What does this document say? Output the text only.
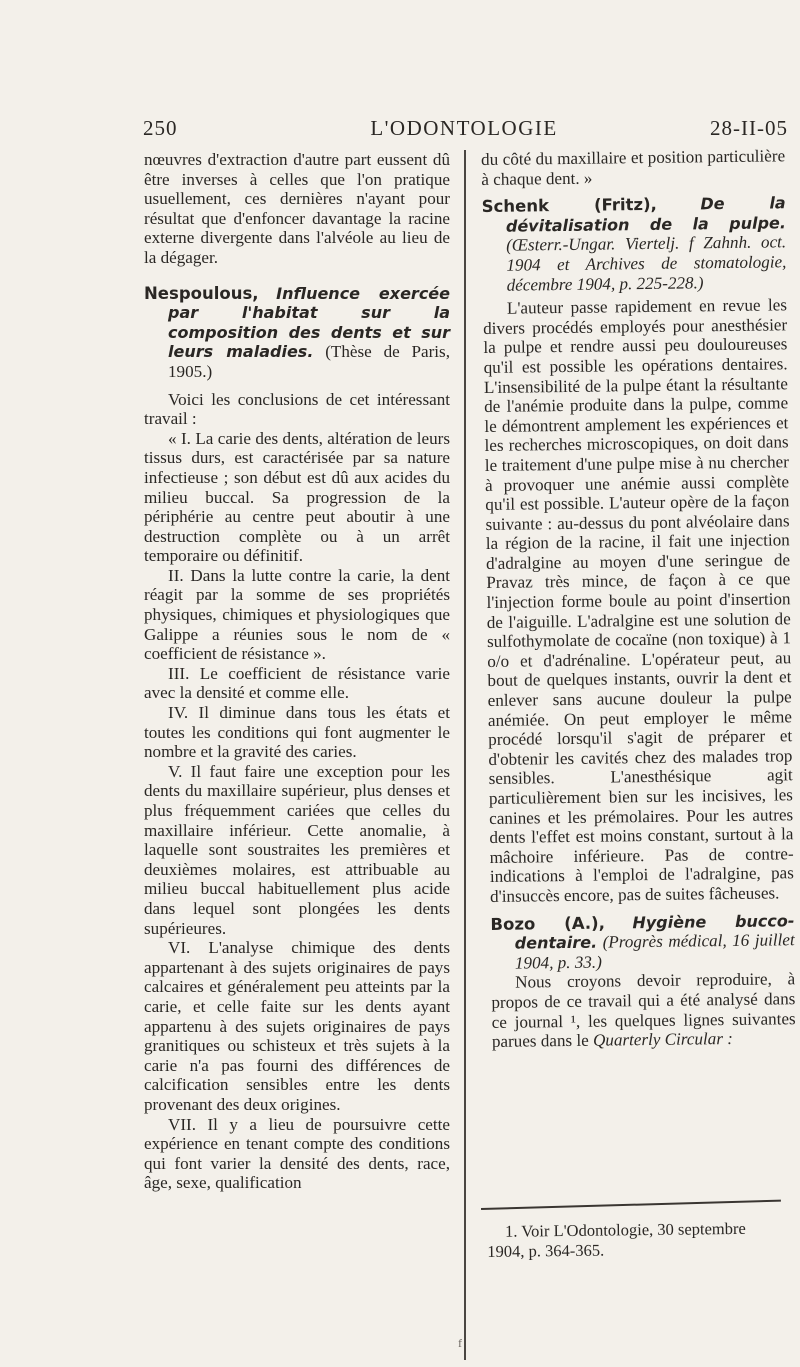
250	L'ODONTOLOGIE	28-II-05

nœuvres d'extraction d'autre part eussent dû être inverses à celles que l'on pratique usuellement, ces dernières n'ayant pour résultat que d'enfoncer davantage la racine externe divergente dans l'alvéole au lieu de la dégager.

Nespoulous, Influence exercée par l'habitat sur la composition des dents et sur leurs maladies. (Thèse de Paris, 1905.)

Voici les conclusions de cet intéressant travail :

« I. La carie des dents, altération de leurs tissus durs, est caractérisée par sa nature infectieuse ; son début est dû aux acides du milieu buccal. Sa progression de la périphérie au centre peut aboutir à une destruction complète ou à un arrêt temporaire ou définitif.

II. Dans la lutte contre la carie, la dent réagit par la somme de ses propriétés physiques, chimiques et physiologiques que Galippe a réunies sous le nom de « coefficient de résistance ».

III. Le coefficient de résistance varie avec la densité et comme elle.

IV. Il diminue dans tous les états et toutes les conditions qui font augmenter le nombre et la gravité des caries.

V. Il faut faire une exception pour les dents du maxillaire supérieur, plus denses et plus fréquemment cariées que celles du maxillaire inférieur. Cette anomalie, à laquelle sont soustraites les premières et deuxièmes molaires, est attribuable au milieu buccal habituellement plus acide dans lequel sont plongées les dents supérieures.

VI. L'analyse chimique des dents appartenant à des sujets originaires de pays calcaires et généralement peu atteints par la carie, et celle faite sur les dents ayant appartenu à des sujets originaires de pays granitiques ou schisteux et très sujets à la carie n'a pas fourni des différences de calcification sensibles entre les dents provenant des deux origines.

VII. Il y a lieu de poursuivre cette expérience en tenant compte des conditions qui font varier la densité des dents, race, âge, sexe, qualification

du côté du maxillaire et position particulière à chaque dent. »

Schenk (Fritz),	De la dévitalisation de la pulpe. (Œsterr.-Ungar. Viertelj. f Zahnh. oct. 1904 et Archives de stomatologie, décembre 1904, p. 225-228.)

L'auteur passe rapidement en revue les divers procédés employés pour anesthésier la pulpe et rendre aussi peu douloureuses qu'il est possible les opérations dentaires. L'insensibilité de la pulpe étant la résultante de l'anémie produite dans la pulpe, comme le démontrent amplement les expériences et les recherches microscopiques, on doit dans le traitement d'une pulpe mise à nu chercher à provoquer une anémie aussi complète qu'il est possible. L'auteur opère de la façon suivante : au-dessus du pont alvéolaire dans la région de la racine, il fait une injection d'adralgine au moyen d'une seringue de Pravaz très mince, de façon à ce que l'injection forme boule au point d'insertion de l'aiguille. L'adralgine est une solution de sulfothymolate de cocaïne (non toxique) à 1 o/o et d'adrénaline. L'opérateur peut, au bout de quelques instants, ouvrir la dent et enlever sans aucune douleur la pulpe anémiée. On peut employer le même procédé lorsqu'il s'agit de préparer et d'obtenir les cavités chez des malades trop sensibles. L'anesthésique agit particulièrement bien sur les incisives, les canines et les prémolaires. Pour les autres dents l'effet est moins constant, surtout à la mâchoire inférieure. Pas de contre-indications à l'emploi de l'adralgine, pas d'insuccès encore, pas de suites fâcheuses.

Bozo (A.), Hygiène bucco-dentaire. (Progrès médical, 16 juillet 1904, p. 33.)

Nous croyons devoir reproduire, à propos de ce travail qui a été analysé dans ce journal ¹, les quelques lignes suivantes parues dans le Quarterly Circular :

1. Voir L'Odontologie, 30 septembre 1904, p. 364-365.

f
